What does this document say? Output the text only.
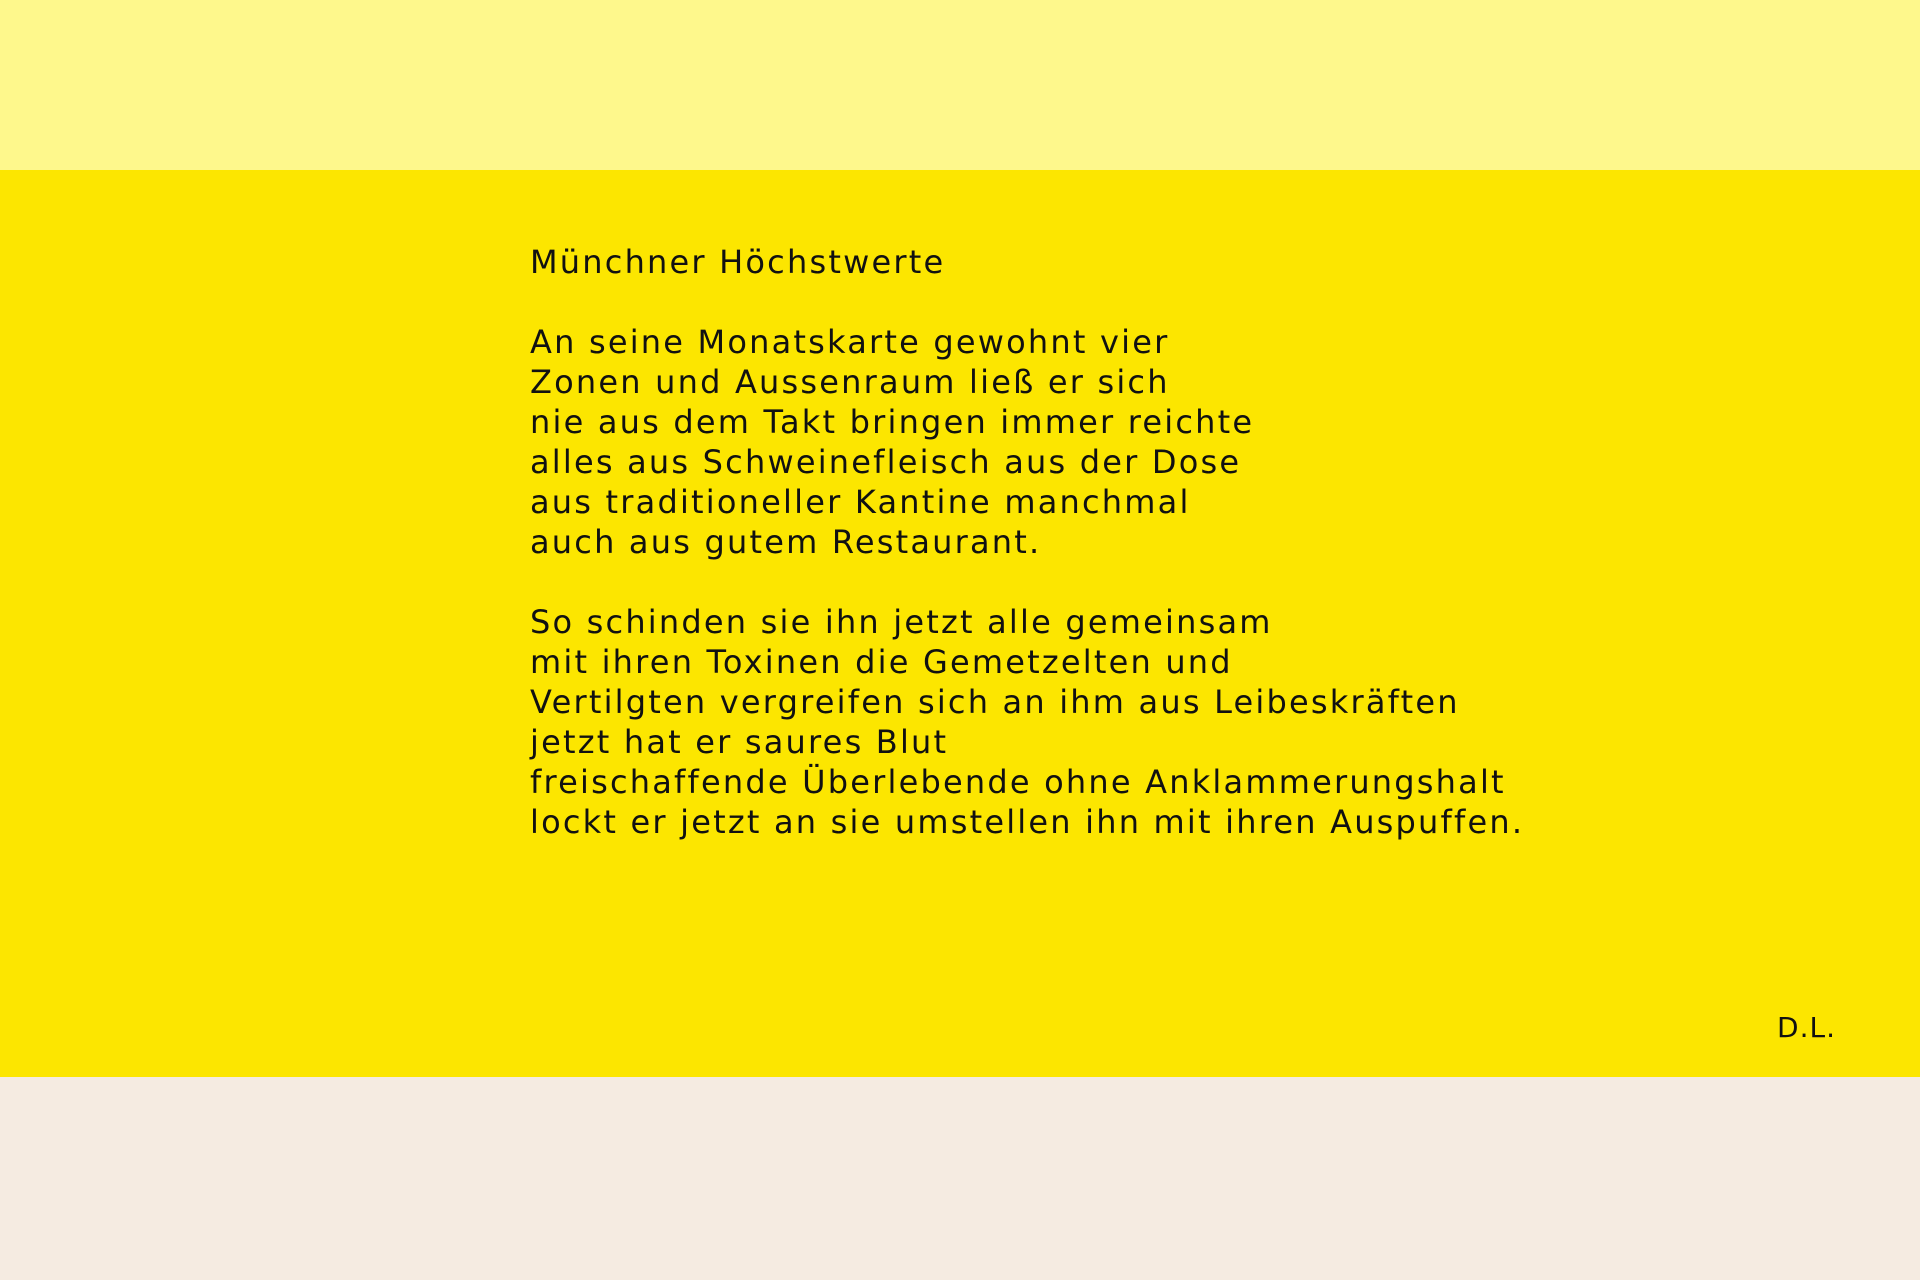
Münchner Höchstwerte
An seine Monatskarte gewohnt vier
Zonen und Aussenraum ließ er sich
nie aus dem Takt bringen immer reichte
alles aus Schweinefleisch aus der Dose
aus traditioneller Kantine manchmal
auch aus gutem Restaurant.
So schinden sie ihn jetzt alle gemeinsam
mit ihren Toxinen die Gemetzelten und
Vertilgten vergreifen sich an ihm aus Leibeskräften
jetzt hat er saures Blut
freischaffende Überlebende ohne Anklammerungshalt
lockt er jetzt an sie umstellen ihn mit ihren Auspuffen.
D.L.
